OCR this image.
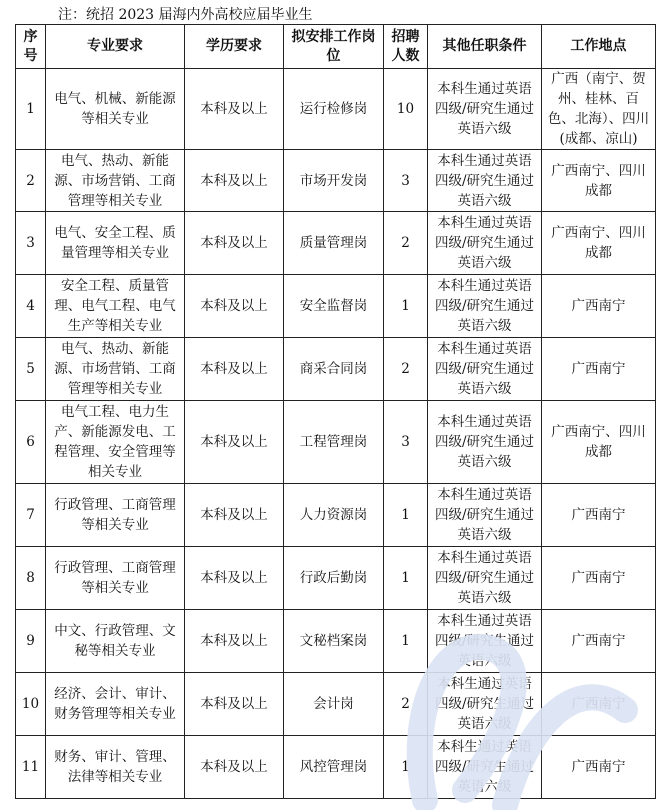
注：统招 2023 届海内外高校应届毕业生
序号	专业要求	学历要求	拟安排工作岗位	招聘人数	其他任职条件	工作地点
1	电气、机械、新能源等相关专业	本科及以上	运行检修岗	10	本科生通过英语四级/研究生通过英语六级	广西（南宁、贺州、桂林、百色、北海）、四川(成都、凉山)
2	电气、热动、新能源、市场营销、工商管理等相关专业	本科及以上	市场开发岗	3	本科生通过英语四级/研究生通过英语六级	广西南宁、四川成都
3	电气、安全工程、质量管理等相关专业	本科及以上	质量管理岗	2	本科生通过英语四级/研究生通过英语六级	广西南宁、四川成都
4	安全工程、质量管理、电气工程、电气生产等相关专业	本科及以上	安全监督岗	1	本科生通过英语四级/研究生通过英语六级	广西南宁
5	电气、热动、新能源、市场营销、工商管理等相关专业	本科及以上	商采合同岗	2	本科生通过英语四级/研究生通过英语六级	广西南宁
6	电气工程、电力生产、新能源发电、工程管理、安全管理等相关专业	本科及以上	工程管理岗	3	本科生通过英语四级/研究生通过英语六级	广西南宁、四川成都
7	行政管理、工商管理等相关专业	本科及以上	人力资源岗	1	本科生通过英语四级/研究生通过英语六级	广西南宁
8	行政管理、工商管理等相关专业	本科及以上	行政后勤岗	1	本科生通过英语四级/研究生通过英语六级	广西南宁
9	中文、行政管理、文秘等相关专业	本科及以上	文秘档案岗	1	本科生通过英语四级/研究生通过英语六级	广西南宁
10	经济、会计、审计、财务管理等相关专业	本科及以上	会计岗	2	本科生通过英语四级/研究生通过英语六级	广西南宁
11	财务、审计、管理、法律等相关专业	本科及以上	风控管理岗	1	本科生通过英语四级/研究生通过英语六级	广西南宁
